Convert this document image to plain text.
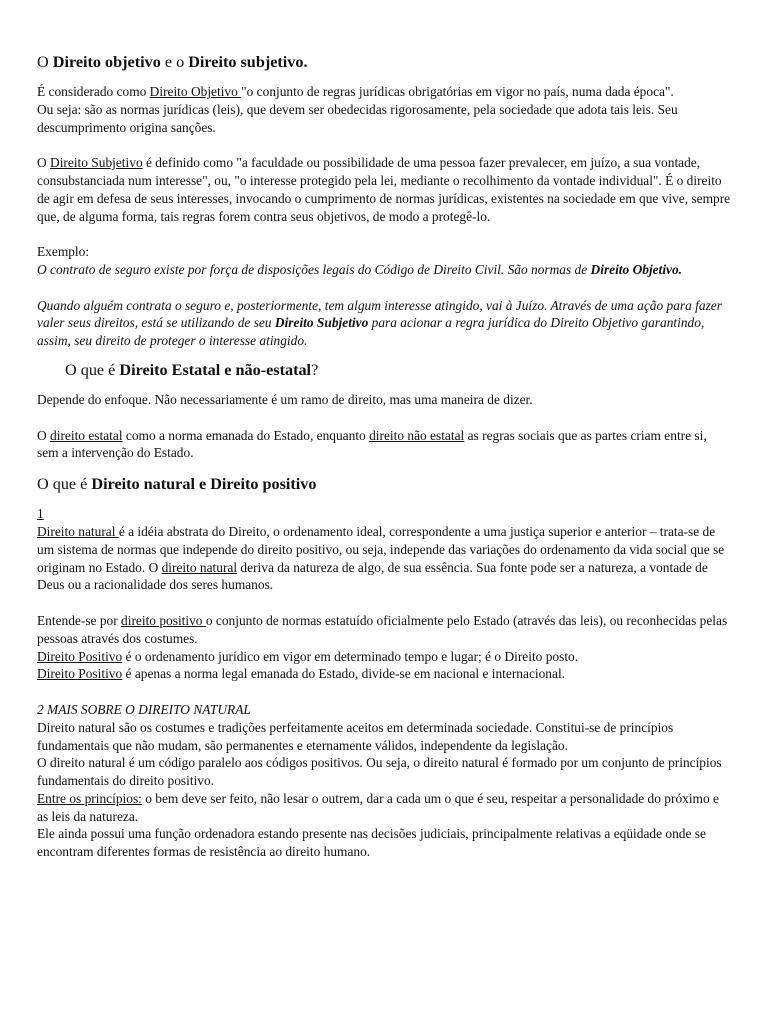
O Direito objetivo e o Direito subjetivo.

É considerado como Direito Objetivo "o conjunto de regras jurídicas obrigatórias em vigor no país, numa dada época".

Ou seja: são as normas jurídicas (leis), que devem ser obedecidas rigorosamente, pela sociedade que adota tais leis. Seu descumprimento origina sanções.

O Direito Subjetivo é definido como "a faculdade ou possibilidade de uma pessoa fazer prevalecer, em juízo, a sua vontade, consubstanciada num interesse", ou, "o interesse protegido pela lei, mediante o recolhimento da vontade individual". É o direito de agir em defesa de seus interesses, invocando o cumprimento de normas jurídicas, existentes na sociedade em que vive, sempre que, de alguma forma, tais regras forem contra seus objetivos, de modo a protegê-lo.

Exemplo:

O contrato de seguro existe por força de disposições legais do Código de Direito Civil. São normas de Direito Objetivo.

Quando alguém contrata o seguro e, posteriormente, tem algum interesse atingido, vai à Juízo. Através de uma ação para fazer valer seus direitos, está se utilizando de seu Direito Subjetivo para acionar a regra jurídica do Direito Objetivo garantindo, assim, seu direito de proteger o interesse atingido.

O que é Direito Estatal e não-estatal?

Depende do enfoque. Não necessariamente é um ramo de direito, mas uma maneira de dizer.

O direito estatal como a norma emanada do Estado, enquanto direito não estatal as regras sociais que as partes criam entre si, sem a intervenção do Estado.

O que é Direito natural e Direito positivo

1

Direito natural é a idéia abstrata do Direito, o ordenamento ideal, correspondente a uma justiça superior e anterior – trata-se de um sistema de normas que independe do direito positivo, ou seja, independe das variações do ordenamento da vida social que se originam no Estado. O direito natural deriva da natureza de algo, de sua essência. Sua fonte pode ser a natureza, a vontade de Deus ou a racionalidade dos seres humanos.

Entende-se por direito positivo o conjunto de normas estatuído oficialmente pelo Estado (através das leis), ou reconhecidas pelas pessoas através dos costumes.

Direito Positivo é o ordenamento jurídico em vigor em determinado tempo e lugar; é o Direito posto.

Direito Positivo é apenas a norma legal emanada do Estado, divide-se em nacional e internacional.

2 MAIS SOBRE O DIREITO NATURAL

Direito natural são os costumes e tradições perfeitamente aceitos em determinada sociedade. Constitui-se de princípios fundamentais que não mudam, são permanentes e eternamente válidos, independente da legislação.

O direito natural é um código paralelo aos códigos positivos. Ou seja, o direito natural é formado por um conjunto de princípios fundamentais do direito positivo.

Entre os princípios: o bem deve ser feito, não lesar o outrem, dar a cada um o que é seu, respeitar a personalidade do próximo e as leis da natureza.

Ele ainda possui uma função ordenadora estando presente nas decisões judiciais, principalmente relativas a eqüidade onde se encontram diferentes formas de resistência ao direito humano.
